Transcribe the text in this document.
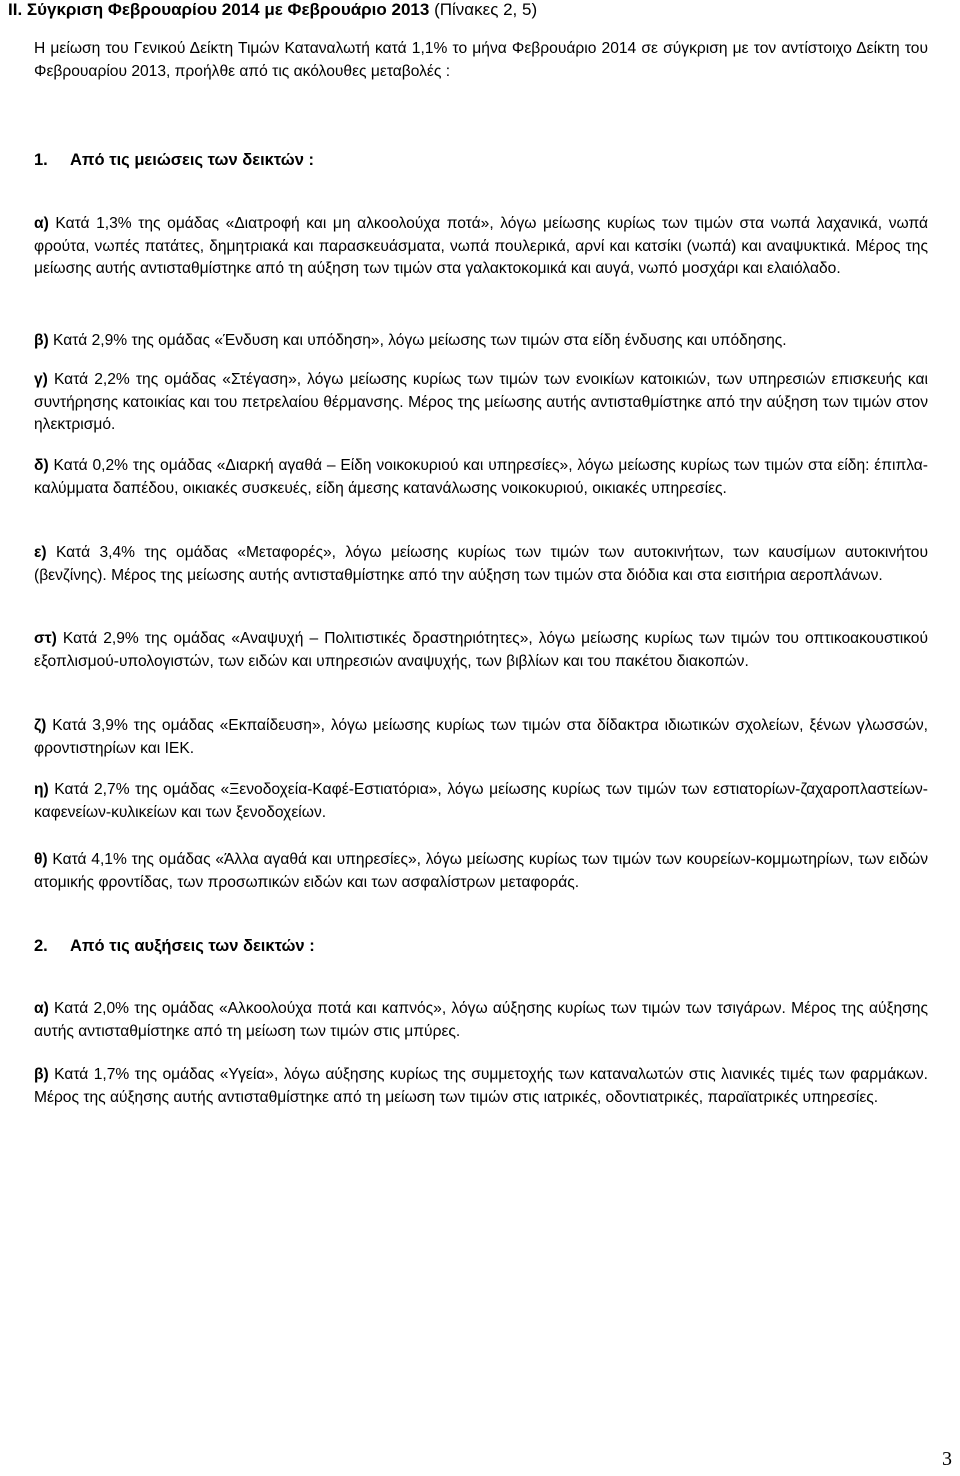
II. Σύγκριση Φεβρουαρίου 2014 με Φεβρουάριο 2013 (Πίνακες 2, 5)
Η μείωση του Γενικού Δείκτη Τιμών Καταναλωτή κατά 1,1% το μήνα Φεβρουάριο 2014 σε σύγκριση με τον αντίστοιχο Δείκτη του Φεβρουαρίου 2013, προήλθε από τις ακόλουθες μεταβολές :
1. Από τις μειώσεις των δεικτών :
α) Κατά 1,3% της ομάδας «Διατροφή και μη αλκοολούχα ποτά», λόγω μείωσης κυρίως των τιμών στα νωπά λαχανικά, νωπά φρούτα, νωπές πατάτες, δημητριακά και παρασκευάσματα, νωπά πουλερικά, αρνί και κατσίκι (νωπά) και αναψυκτικά. Μέρος της μείωσης αυτής αντισταθμίστηκε από τη αύξηση των τιμών στα γαλακτοκομικά και αυγά, νωπό μοσχάρι και ελαιόλαδο.
β) Κατά 2,9% της ομάδας «Ένδυση και υπόδηση», λόγω μείωσης των τιμών στα είδη ένδυσης και υπόδησης.
γ) Κατά 2,2% της ομάδας «Στέγαση», λόγω μείωσης κυρίως των τιμών των ενοικίων κατοικιών, των υπηρεσιών επισκευής και συντήρησης κατοικίας και του πετρελαίου θέρμανσης. Μέρος της μείωσης αυτής αντισταθμίστηκε από την αύξηση των τιμών στον ηλεκτρισμό.
δ) Κατά 0,2% της ομάδας «Διαρκή αγαθά – Είδη νοικοκυριού και υπηρεσίες», λόγω μείωσης κυρίως των τιμών στα είδη: έπιπλα-καλύμματα δαπέδου, οικιακές συσκευές, είδη άμεσης κατανάλωσης νοικοκυριού, οικιακές υπηρεσίες.
ε) Κατά 3,4% της ομάδας «Μεταφορές», λόγω μείωσης κυρίως των τιμών των αυτοκινήτων, των καυσίμων αυτοκινήτου (βενζίνης). Μέρος της μείωσης αυτής αντισταθμίστηκε από την αύξηση των τιμών στα διόδια και στα εισιτήρια αεροπλάνων.
στ) Κατά 2,9% της ομάδας «Αναψυχή – Πολιτιστικές δραστηριότητες», λόγω μείωσης κυρίως των τιμών του οπτικοακουστικού εξοπλισμού-υπολογιστών, των ειδών και υπηρεσιών αναψυχής, των βιβλίων και του πακέτου διακοπών.
ζ) Κατά 3,9% της ομάδας «Εκπαίδευση», λόγω μείωσης κυρίως των τιμών στα δίδακτρα ιδιωτικών σχολείων, ξένων γλωσσών, φροντιστηρίων και ΙΕΚ.
η) Κατά 2,7% της ομάδας «Ξενοδοχεία-Καφέ-Εστιατόρια», λόγω μείωσης κυρίως των τιμών των εστιατορίων-ζαχαροπλαστείων-καφενείων-κυλικείων και των ξενοδοχείων.
θ) Κατά 4,1% της ομάδας «Άλλα αγαθά και υπηρεσίες», λόγω μείωσης κυρίως των τιμών των κουρείων-κομμωτηρίων, των ειδών ατομικής φροντίδας, των προσωπικών ειδών και των ασφαλίστρων μεταφοράς.
2. Από τις αυξήσεις των δεικτών :
α) Κατά 2,0% της ομάδας «Αλκοολούχα ποτά και καπνός», λόγω αύξησης κυρίως των τιμών των τσιγάρων. Μέρος της αύξησης αυτής αντισταθμίστηκε από τη μείωση των τιμών στις μπύρες.
β) Κατά 1,7% της ομάδας «Υγεία», λόγω αύξησης κυρίως της συμμετοχής των καταναλωτών στις λιανικές τιμές των φαρμάκων. Μέρος της αύξησης αυτής αντισταθμίστηκε από τη μείωση των τιμών στις ιατρικές, οδοντιατρικές, παραϊατρικές υπηρεσίες.
3
